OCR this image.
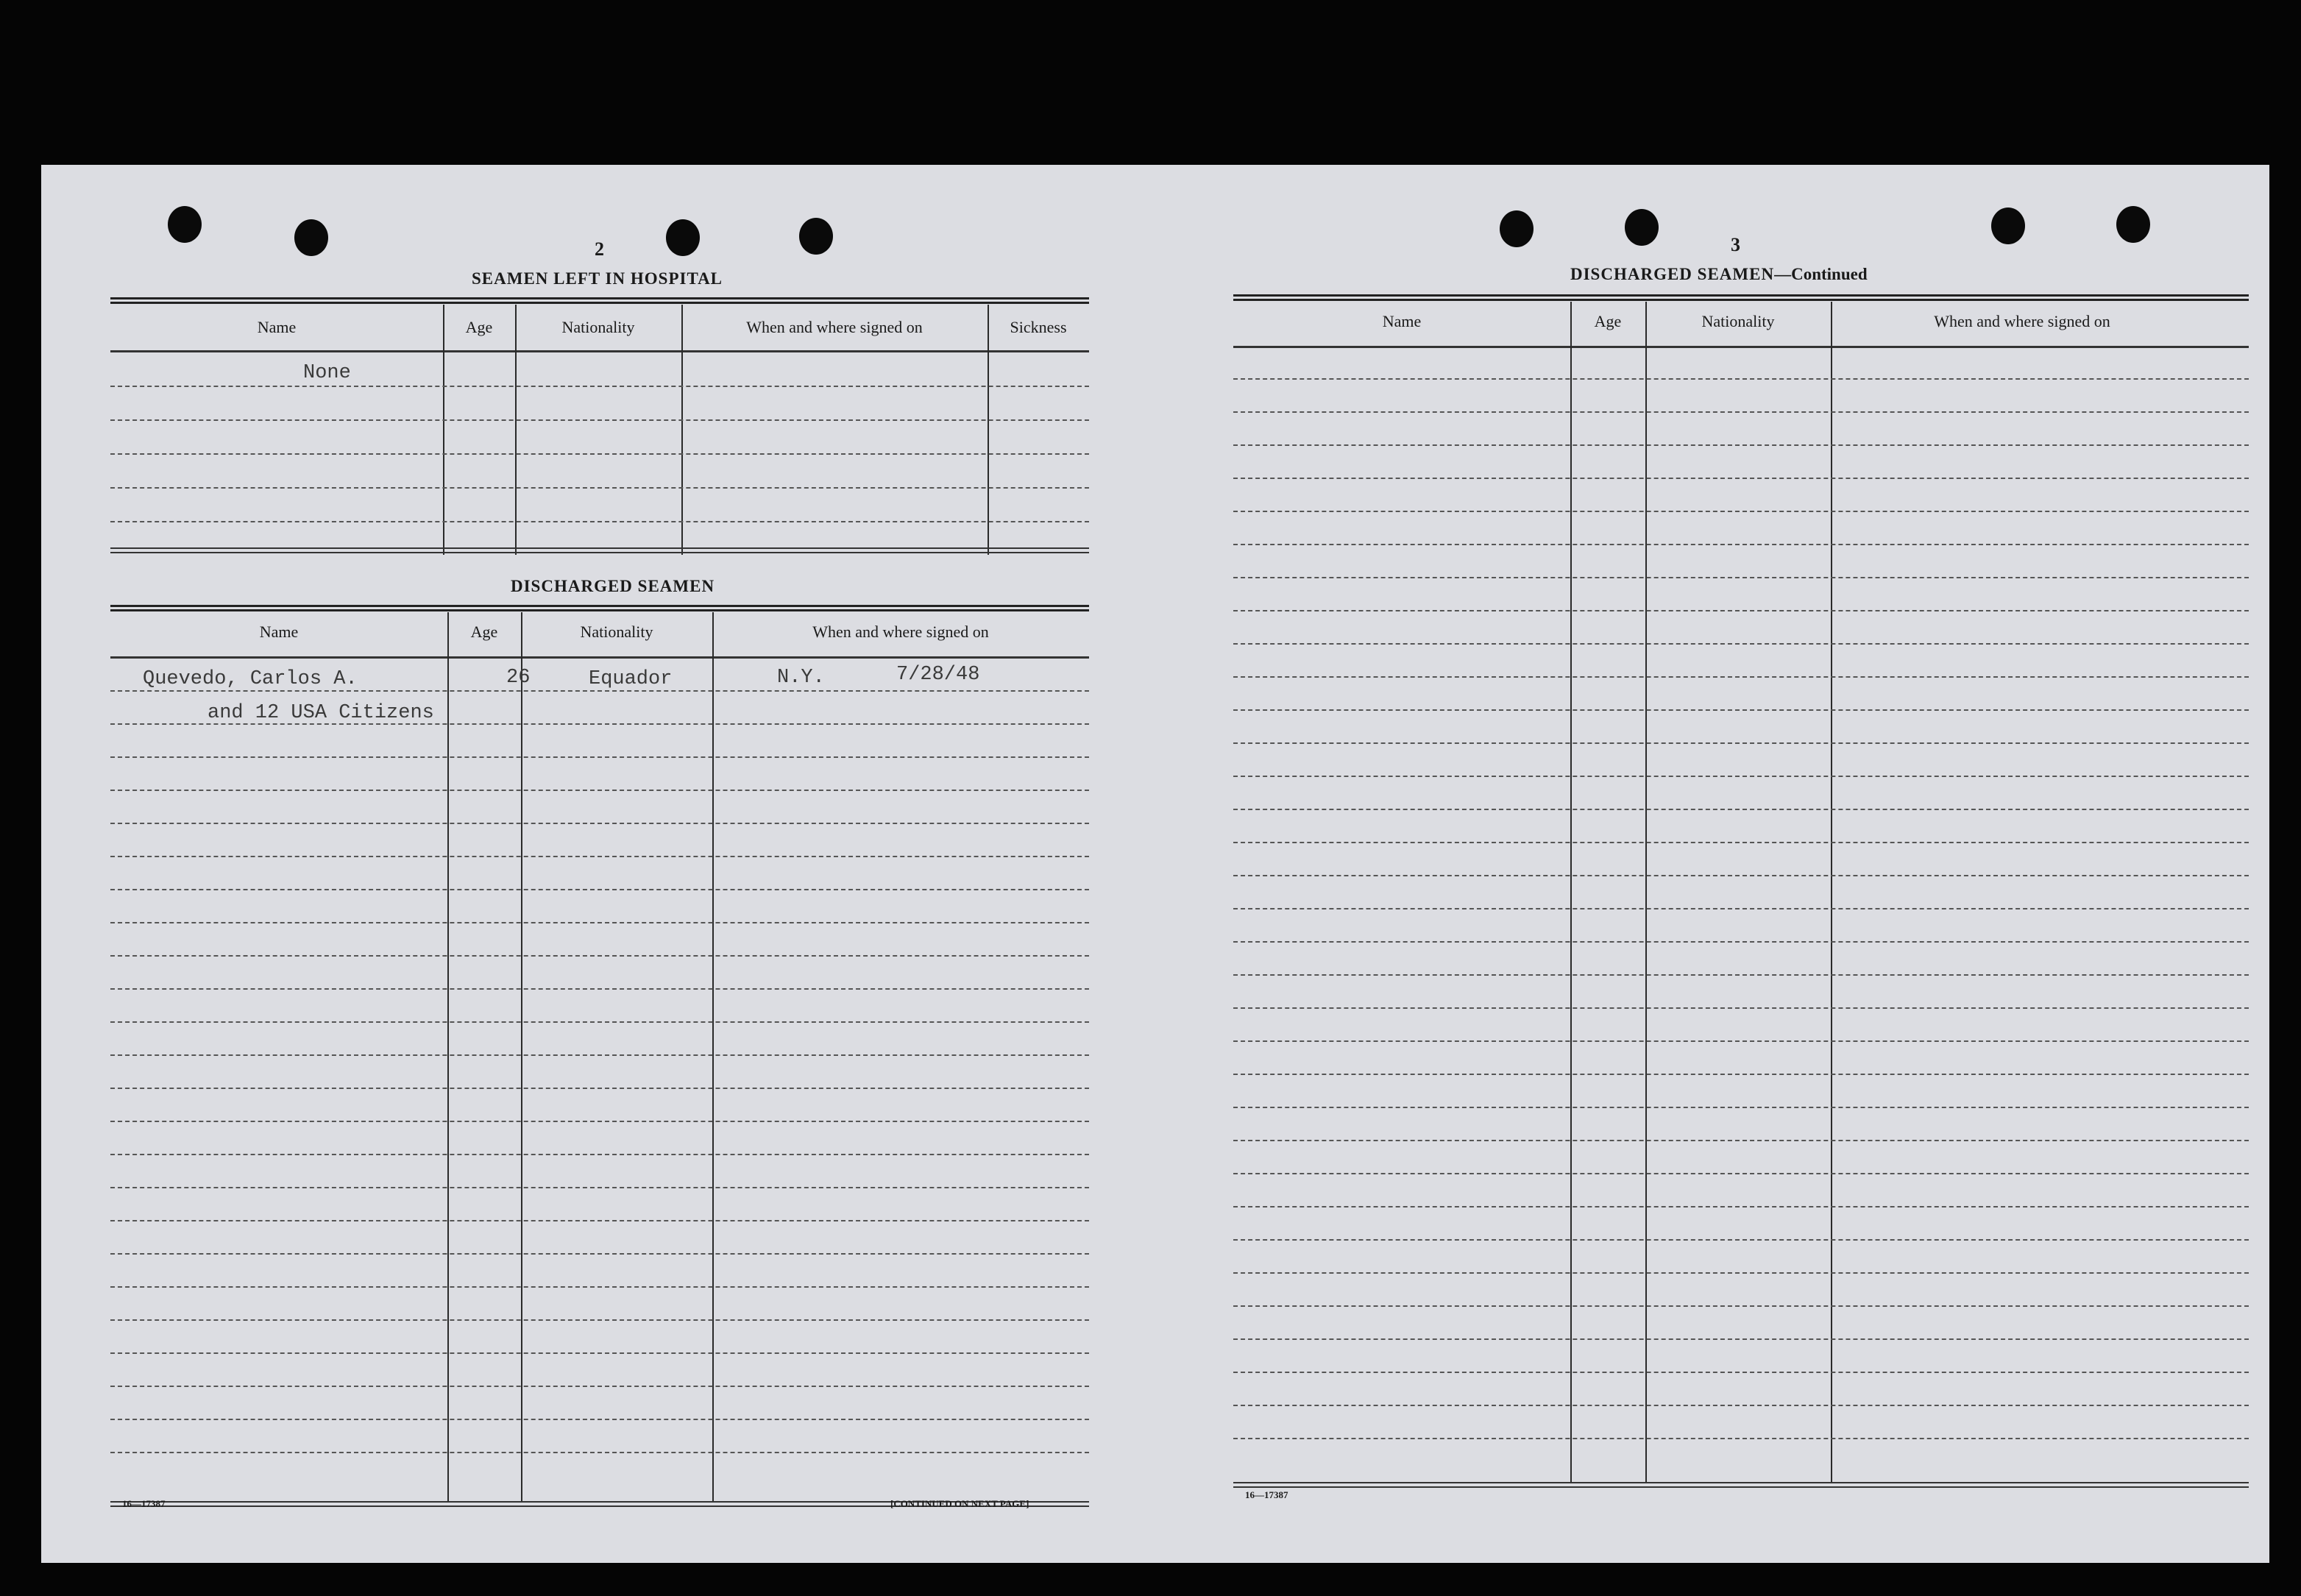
2
SEAMEN LEFT IN HOSPITAL
Name	Age	Nationality	When and where signed on	Sickness
None
DISCHARGED SEAMEN
Name	Age	Nationality	When and where signed on
Quevedo, Carlos A.	26	Equador	N.Y.	7/28/48
and 12 USA Citizens
16—17387	[CONTINUED ON NEXT PAGE]
3
DISCHARGED SEAMEN—Continued
Name	Age	Nationality	When and where signed on
16—17387
